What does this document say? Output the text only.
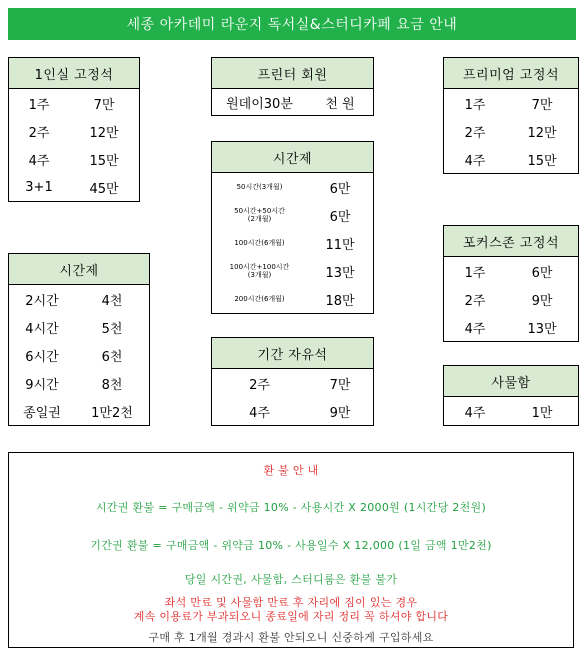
세종 아카데미 라운지 독서실&스터디카페 요금 안내
1인실 고정석

1주	7만
2주	12만
4주	15만
3+1	45만
프린터 회원

원데이30분	천 원
프리미엄 고정석

1주	7만
2주	12만
4주	15만
시간제

50시간(3개월)	6만
50시간+50시간
(2개월)	6만
100시간(6개월)	11만
100시간+100시간
(3개월)	13만
200시간(6개월)	18만
시간제

2시간	4천
4시간	5천
6시간	6천
9시간	8천
종일권	1만2천
포커스존 고정석

1주	6만
2주	9만
4주	13만
기간 자유석

2주	7만
4주	9만
사물함

4주	1만
환 불 안 내
시간권 환불 = 구매금액 - 위약금 10% - 사용시간 X 2000원 (1시간당 2천원)
기간권 환불 = 구매금액 - 위약금 10% - 사용일수 X 12,000 (1일 금액 1만2천)
당일 시간권, 사물함, 스터디룸은 환불 불가
좌석 만료 및 사물함 만료 후 자리에 짐이 있는 경우
계속 이용료가 부과되오니 종료일에 자리 정리 꼭 하셔야 합니다
구매 후 1개월 경과시 환불 안되오니 신중하게 구입하세요
